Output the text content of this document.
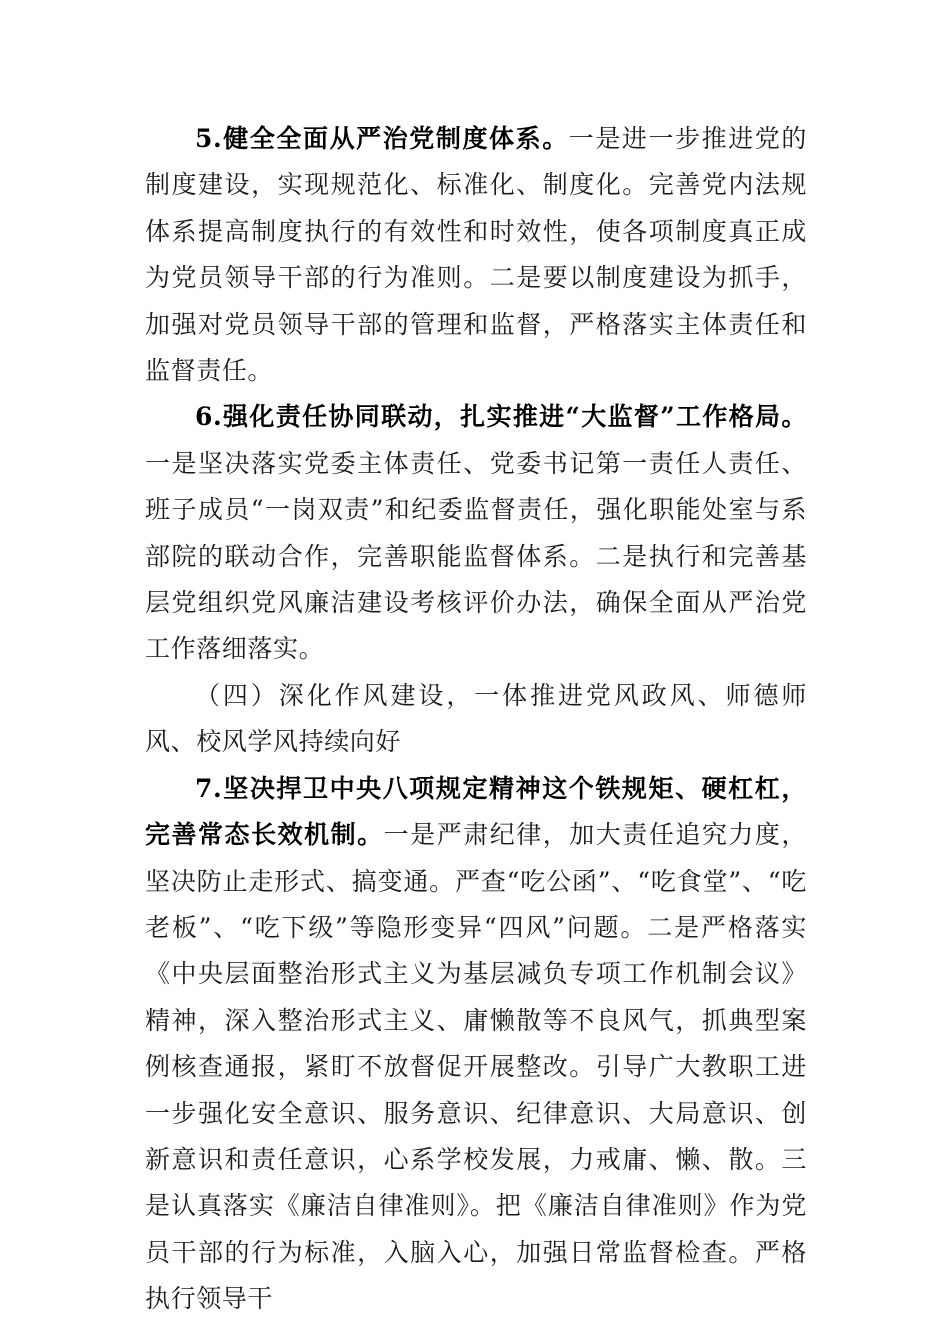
5.健全全面从严治党制度体系。一是进一步推进党的制度建设，实现规范化、标准化、制度化。完善党内法规体系提高制度执行的有效性和时效性，使各项制度真正成为党员领导干部的行为准则。二是要以制度建设为抓手，加强对党员领导干部的管理和监督，严格落实主体责任和监督责任。

6.强化责任协同联动，扎实推进“大监督”工作格局。一是坚决落实党委主体责任、党委书记第一责任人责任、班子成员“一岗双责”和纪委监督责任，强化职能处室与系部院的联动合作，完善职能监督体系。二是执行和完善基层党组织党风廉洁建设考核评价办法，确保全面从严治党工作落细落实。

（四）深化作风建设，一体推进党风政风、师德师风、校风学风持续向好

7.坚决捍卫中央八项规定精神这个铁规矩、硬杠杠，完善常态长效机制。一是严肃纪律，加大责任追究力度，坚决防止走形式、搞变通。严查“吃公函”、“吃食堂”、“吃老板”、“吃下级”等隐形变异“四风”问题。二是严格落实《中央层面整治形式主义为基层减负专项工作机制会议》精神，深入整治形式主义、庸懒散等不良风气，抓典型案例核查通报，紧盯不放督促开展整改。引导广大教职工进一步强化安全意识、服务意识、纪律意识、大局意识、创新意识和责任意识，心系学校发展，力戒庸、懒、散。三是认真落实《廉洁自律准则》。把《廉洁自律准则》作为党员干部的行为标准，入脑入心，加强日常监督检查。严格执行领导干
